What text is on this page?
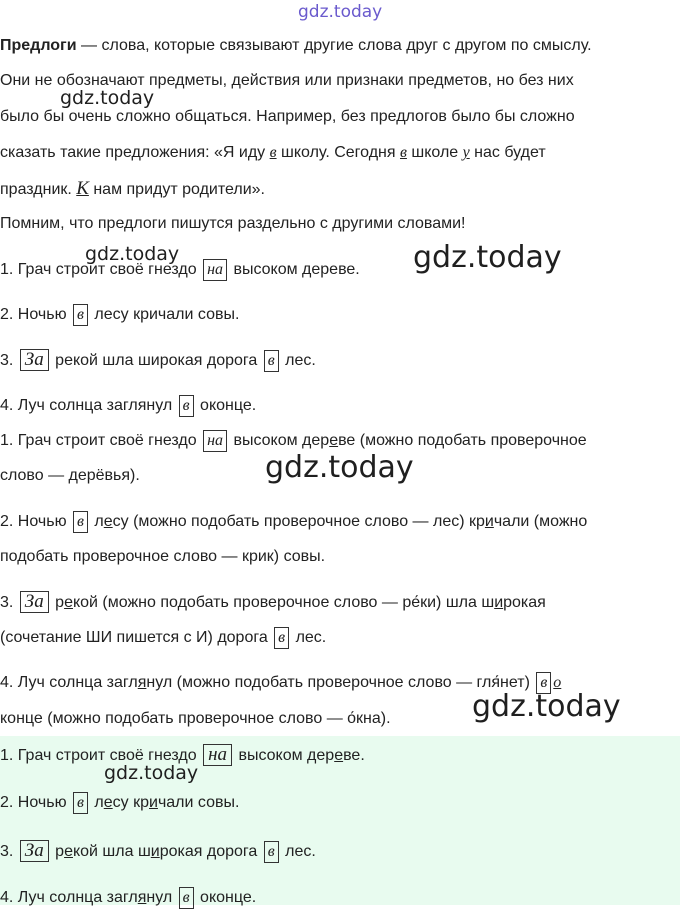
gdz.today
gdz.today
gdz.today	gdz.today
gdz.today
gdz.today
gdz.today
Предлоги — слова, которые связывают другие слова друг с другом по смыслу.
Они не обозначают предметы, действия или признаки предметов, но без них
было бы очень сложно общаться. Например, без предлогов было бы сложно
сказать такие предложения: «Я иду в школу. Сегодня в школе у нас будет
праздник. К нам придут родители».
Помним, что предлоги пишутся раздельно с другими словами!
1. Грач строит своё гнездо на высоком дереве.
2. Ночью в лесу кричали совы.
3. За рекой шла широкая дорога в лес.
4. Луч солнца заглянул в оконце.
1. Грач строит своё гнездо на высоком дереве (можно подобать проверочное
слово — дерёвья).
2. Ночью в лесу (можно подобать проверочное слово — лес) кричали (можно
подобать проверочное слово — крик) совы.
3. За рекой (можно подобать проверочное слово — ре́ки) шла широкая
(сочетание ШИ пишется с И) дорога в лес.
4. Луч солнца заглянул (можно подобать проверочное слово — гля́нет) в о
конце (можно подобать проверочное слово — о́кна).
1. Грач строит своё гнездо на высоком дереве.
2. Ночью в лесу кричали совы.
3. За рекой шла широкая дорога в лес.
4. Луч солнца заглянул в оконце.
